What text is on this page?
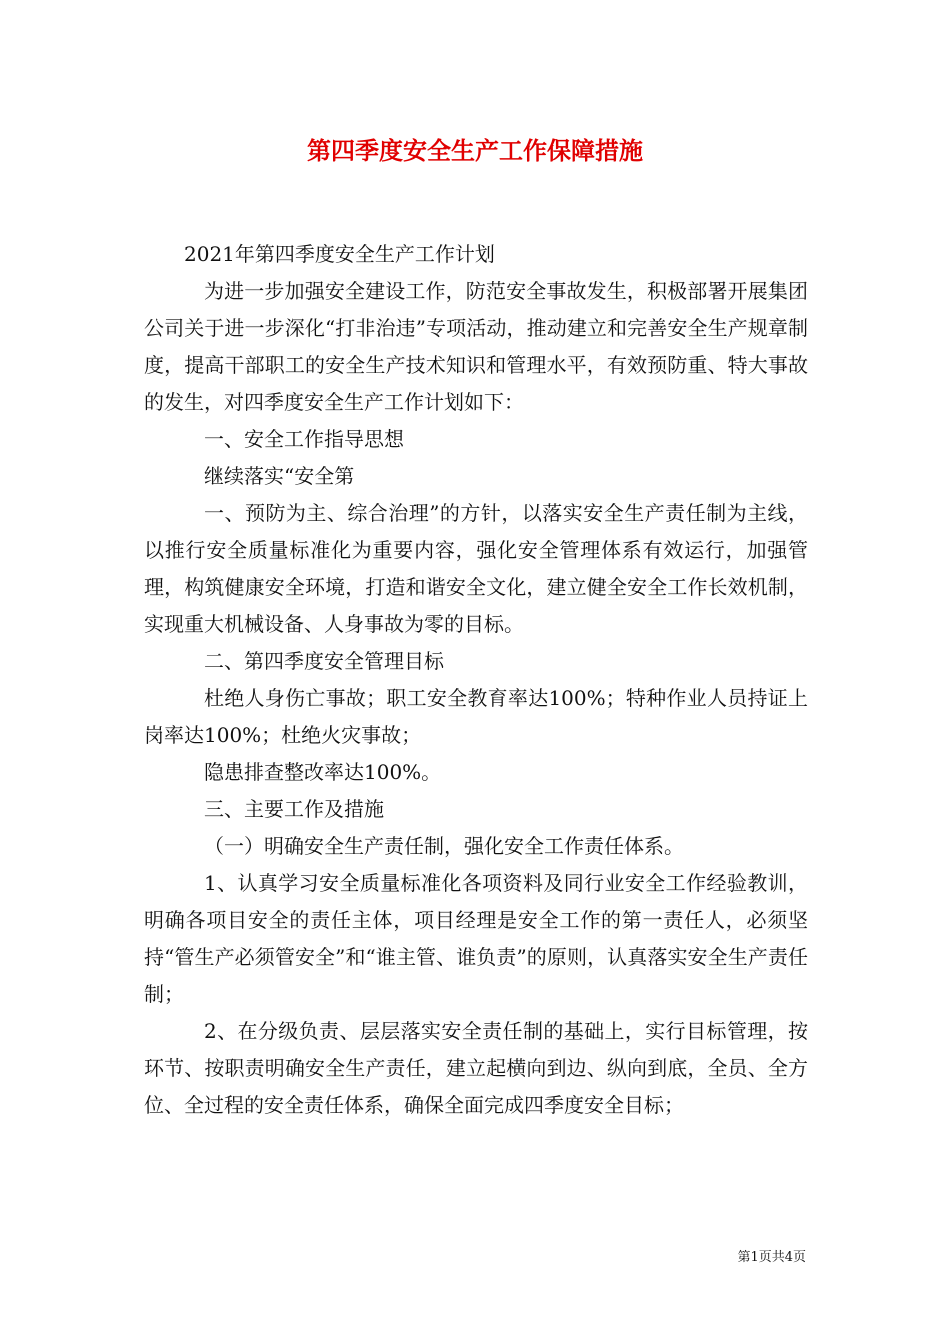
第四季度安全生产工作保障措施

2021年第四季度安全生产工作计划

为进一步加强安全建设工作，防范安全事故发生，积极部署开展集团公司关于进一步深化“打非治违”专项活动，推动建立和完善安全生产规章制度，提高干部职工的安全生产技术知识和管理水平，有效预防重、特大事故的发生，对四季度安全生产工作计划如下：

一、安全工作指导思想

继续落实“安全第

一、预防为主、综合治理”的方针，以落实安全生产责任制为主线，以推行安全质量标准化为重要内容，强化安全管理体系有效运行，加强管理，构筑健康安全环境，打造和谐安全文化，建立健全安全工作长效机制，实现重大机械设备、人身事故为零的目标。

二、第四季度安全管理目标

杜绝人身伤亡事故；职工安全教育率达100%；特种作业人员持证上岗率达100%；杜绝火灾事故；

隐患排查整改率达100%。

三、主要工作及措施

（一）明确安全生产责任制，强化安全工作责任体系。

1、认真学习安全质量标准化各项资料及同行业安全工作经验教训，明确各项目安全的责任主体，项目经理是安全工作的第一责任人，必须坚持“管生产必须管安全”和“谁主管、谁负责”的原则，认真落实安全生产责任制；

2、在分级负责、层层落实安全责任制的基础上，实行目标管理，按环节、按职责明确安全生产责任，建立起横向到边、纵向到底，全员、全方位、全过程的安全责任体系，确保全面完成四季度安全目标；

第1页共4页
